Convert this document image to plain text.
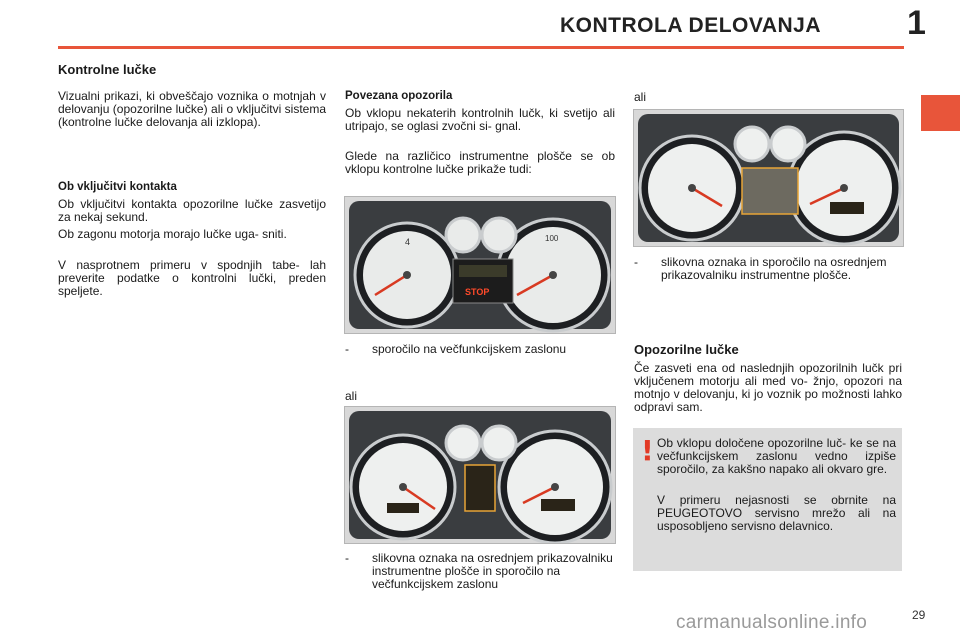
KONTROLA DELOVANJA	1
Kontrolne lučke

Vizualni prikazi, ki obveščajo voznika o motnjah v delovanju (opozorilne lučke) ali o vključitvi sistema (kontrolne lučke delovanja ali izklopa).

Ob vključitvi kontakta

Ob vključitvi kontakta opozorilne lučke zasvetijo za nekaj sekund.

Ob zagonu motorja morajo lučke uga- sniti.

V nasprotnem primeru v spodnjih tabe- lah preverite podatke o kontrolni lučki, preden speljete.

Povezana opozorila

Ob vklopu nekaterih kontrolnih lučk, ki svetijo ali utripajo, se oglasi zvočni si- gnal.

Glede na različico instrumentne plošče se ob vklopu kontrolne lučke prikaže tudi:

STOP
4	100
- sporočilo na večfunkcijskem zaslonu
ali
- slikovna oznaka na osrednjem prikazovalniku instrumentne plošče in sporočilo na večfunkcijskem zaslonu
ali
- slikovna oznaka in sporočilo na osrednjem prikazovalniku instrumentne plošče.
Opozorilne lučke

Če zasveti ena od naslednjih opozorilnih lučk pri vključenem motorju ali med vo- žnjo, opozori na motnjo v delovanju, ki jo voznik po možnosti lahko odpravi sam.

! Ob vklopu določene opozorilne luč- ke se na večfunkcijskem zaslonu vedno izpiše sporočilo, za kakšno napako ali okvaro gre.

V primeru nejasnosti se obrnite na PEUGEOTOVO servisno mrežo ali na usposobljeno servisno delavnico.

29
carmanualsonline.info
